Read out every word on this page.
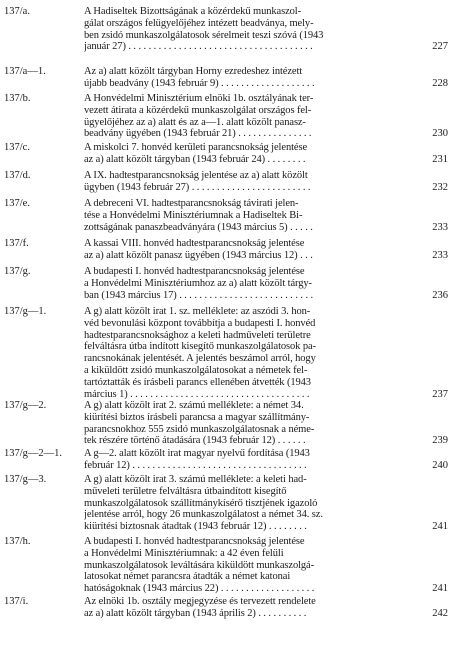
137/a.	A Hadiseltek Bizottságának a közérdekű munkaszol-
gálat országos felügyelőjéhez intézett beadványa, mely-
ben zsidó munkaszolgálatosok sérelmeit teszi szóvá (1943
január 27) . . . . . . . . . . . . . . . . . . . . . . . . . . . . . . . . . . . . .	227
137/a—1.	Az a) alatt közölt tárgyban Horny ezredeshez intézett
újabb beadvány (1943 február 9) . . . . . . . . . . . . . . . . . . .	228
137/b.	A Honvédelmi Minisztérium elnöki 1b. osztályának ter-
vezett átirata a közérdekű munkaszolgálat országos fel-
ügyelőjéhez az a) alatt és az a—1. alatt közölt panasz-
beadvány ügyében (1943 február 21) . . . . . . . . . . . . . . .	230
137/c.	A miskolci 7. honvéd kerületi parancsnokság jelentése
az a) alatt közölt tárgyban (1943 február 24) . . . . . . . .	231
137/d.	A IX. hadtestparancsnokság jelentése az a) alatt közölt
ügyben (1943 február 27) . . . . . . . . . . . . . . . . . . . . . . . .	232
137/e.	A debreceni VI. hadtestparancsnokság távirati jelen-
tése a Honvédelmi Minisztériumnak a Hadiseltek Bi-
zottságának panaszbeadványára (1943 március 5) . . . . .	233
137/f.	A kassai VIII. honvéd hadtestparancsnokság jelentése
az a) alatt közölt panasz ügyében (1943 március 12) . . .	233
137/g.	A budapesti I. honvéd hadtestparancsnokság jelentése
a Honvédelmi Minisztériumhoz az a) alatt közölt tárgy-
ban (1943 március 17) . . . . . . . . . . . . . . . . . . . . . . . . . . .	236
137/g—1.	A g) alatt közölt irat 1. sz. melléklete: az aszódi 3. hon-
véd bevonulási központ továbbítja a budapesti I. honvéd
hadtestparancsnoksághoz a keleti hadműveleti területre
felváltásra útba indított kisegítő munkaszolgálatosok pa-
rancsnokának jelentését. A jelentés beszámol arról, hogy
a kiküldött zsidó munkaszolgálatosokat a németek fel-
tartóztatták és írásbeli parancs ellenében átvették (1943
március 1) . . . . . . . . . . . . . . . . . . . . . . . . . . . . . . . . . . . .	237
137/g—2.	A g) alatt közölt irat 2. számú melléklete: a német 34.
kiürítési biztos írásbeli parancsa a magyar szállítmány-
parancsnokhoz 555 zsidó munkaszolgálatosnak a néme-
tek részére történő átadására (1943 február 12) . . . . . .	239
137/g—2—1. A g—2. alatt közölt irat magyar nyelvű fordítása (1943
február 12) . . . . . . . . . . . . . . . . . . . . . . . . . . . . . . . . . . .	240
137/g—3.	A g) alatt közölt irat 3. számú melléklete: a keleti had-
műveleti területre felváltásra útbaindított kisegítő
munkaszolgálatosok szállítmánykísérő tisztjének igazoló
jelentése arról, hogy 26 munkaszolgálatost a német 34. sz.
kiürítési biztosnak átadtak (1943 február 12) . . . . . . . .	241
137/h.	A budapesti I. honvéd hadtestparancsnokság jelentése
a Honvédelmi Minisztériumnak: a 42 éven felüli
munkaszolgálatosok leváltására kiküldött munkaszolgá-
latosokat német parancsra átadták a német katonai
hatóságoknak (1943 március 22) . . . . . . . . . . . . . . . . . . .	241
137/i.	Az elnöki 1b. osztály megjegyzése és tervezett rendelete
az a) alatt közölt tárgyban (1943 április 2) . . . . . . . . . .	242
